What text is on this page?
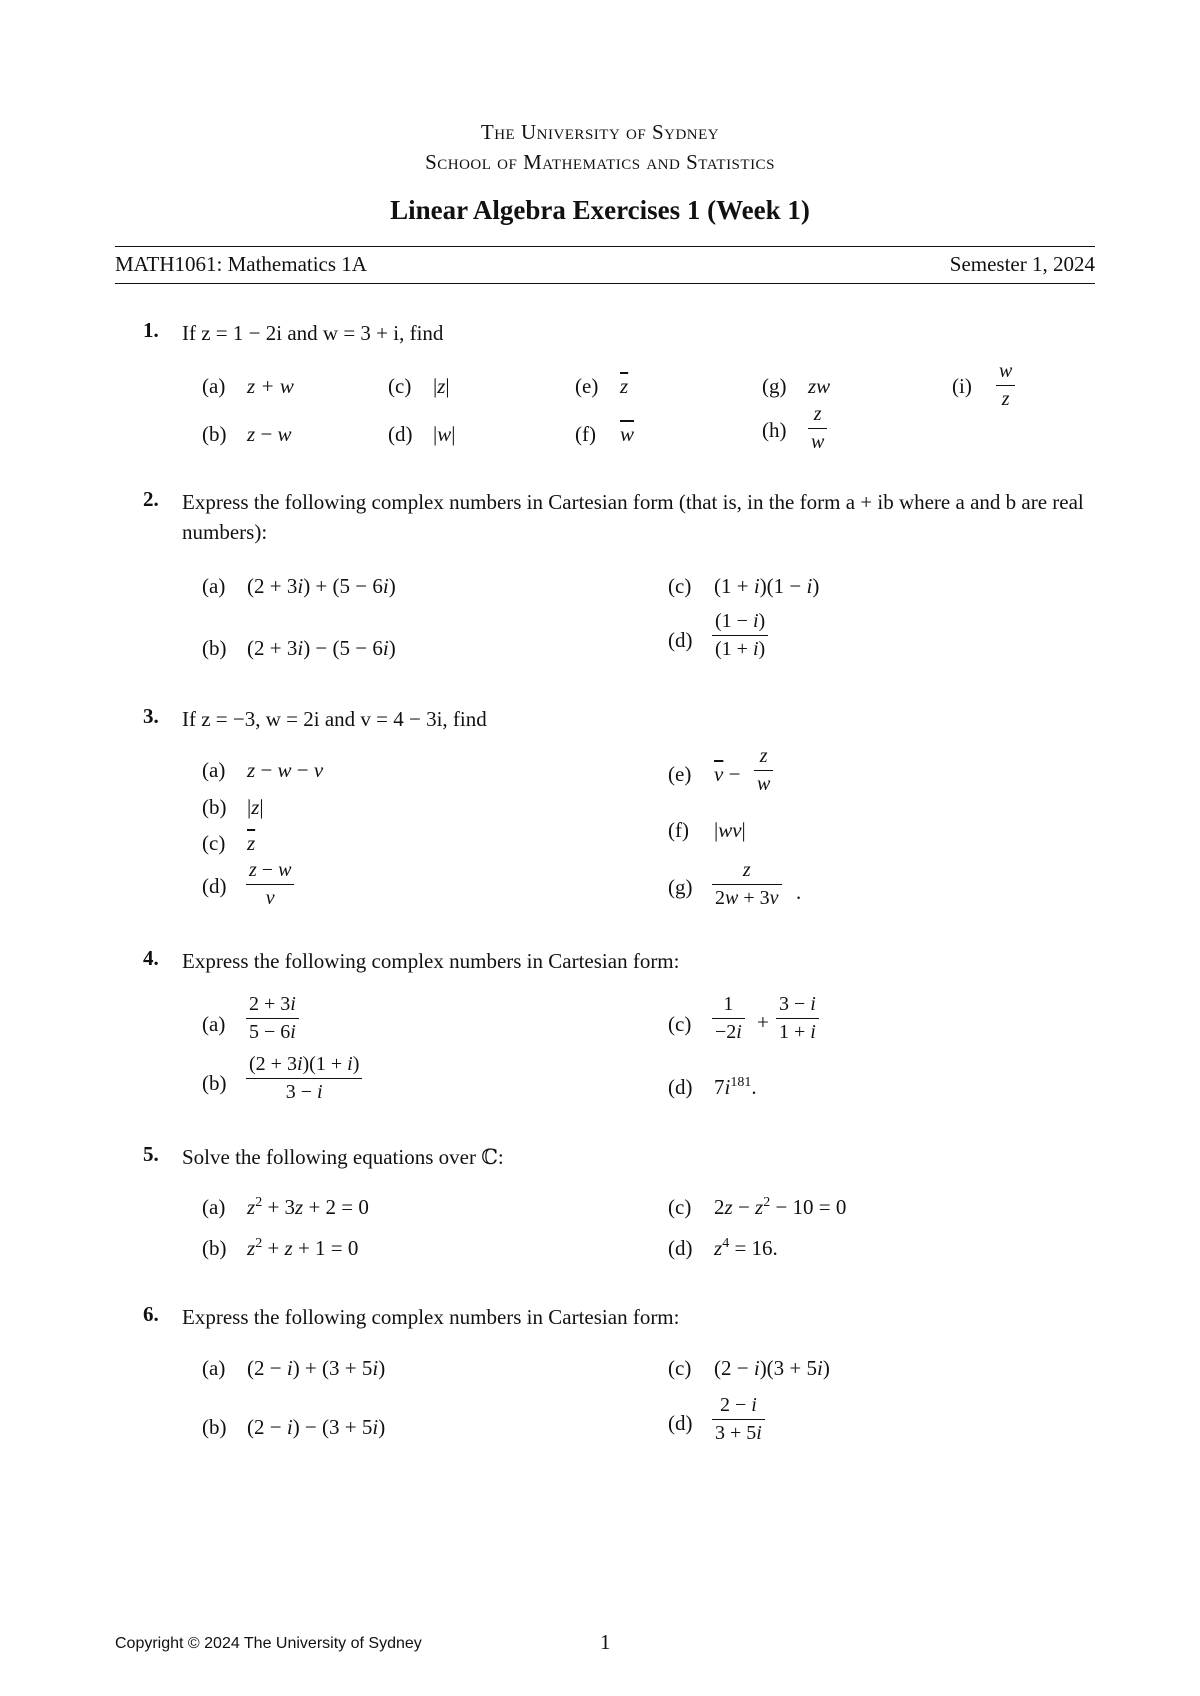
The University of Sydney
School of Mathematics and Statistics
Linear Algebra Exercises 1 (Week 1)
MATH1061: Mathematics 1A	Semester 1, 2024
1. If z = 1 − 2i and w = 3 + i, find
(a) z + w
(b) z − w
(c) |z|
(d) |w|
(e) $\overline{z}$
(f) $\overline{w}$
(g) zw
(h)
z
w
(i)
w
z
2. Express the following complex numbers in Cartesian form (that is, in the form a + ib where a and b are real numbers):
(a) (2 + 3i) + (5 − 6i)
(b) (2 + 3i) − (5 − 6i)
(c) (1 + i)(1 − i)
(d)
(1 − i)
(1 + i)
3. If z = −3, w = 2i and v = 4 − 3i, find
(a) z − w − v
(b) |z|
(c) $\overline{z}$
(d)
z − w
v
(e) $\overline{v}$ −
z
w
(f) |wv|
(g)
z
2w + 3v .
4. Express the following complex numbers in Cartesian form:
(a)
2 + 3i
5 − 6i
(b)
(2 + 3i)(1 + i)
3 − i
(c)
1
−2i +
3 − i
1 + i
(d) $7i^{181}$.
5. Solve the following equations over ℂ:
(a) $z^2 + 3z + 2 = 0$
(b) $z^2 + z + 1 = 0$
(c) $2z - z^2 - 10 = 0$
(d) $z^4 = 16$.
6. Express the following complex numbers in Cartesian form:
(a) (2 − i) + (3 + 5i)
(b) (2 − i) − (3 + 5i)
(c) (2 − i)(3 + 5i)
(d)
2 − i
3 + 5i
Copyright © 2024 The University of Sydney	1
